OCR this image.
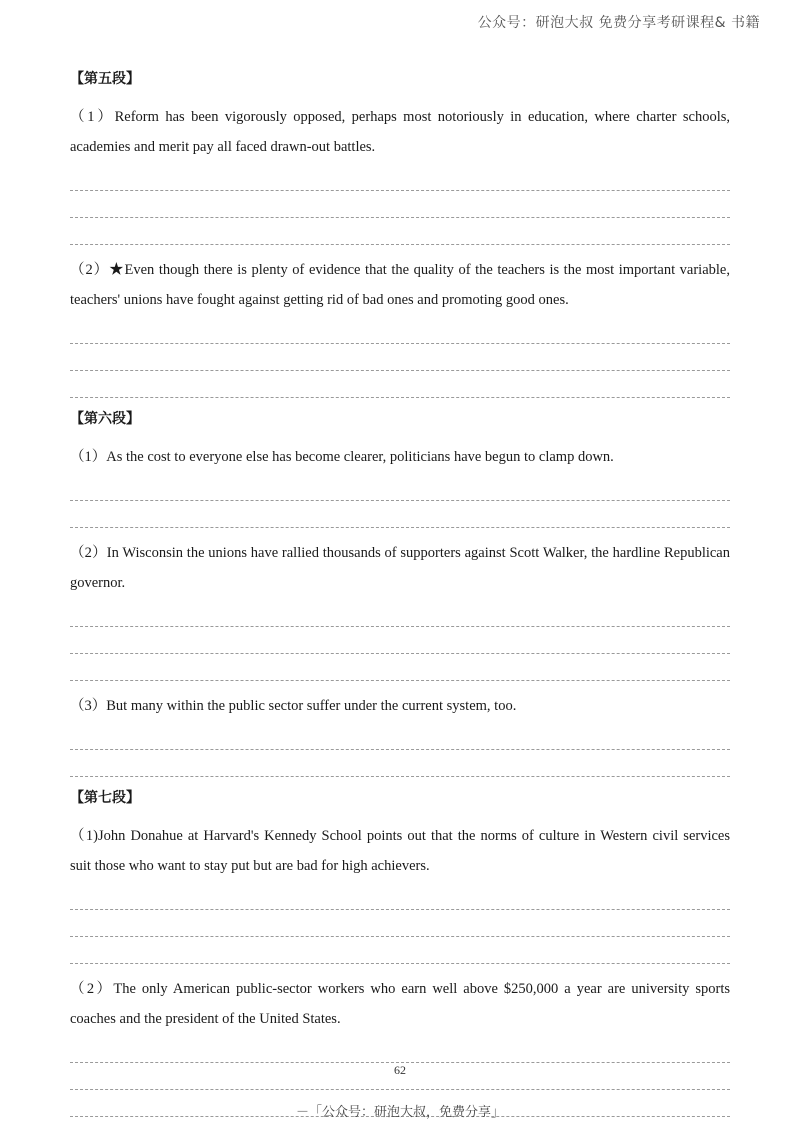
公众号：研泡大叔 免费分享考研课程& 书籍
【第五段】

（1）Reform has been vigorously opposed, perhaps most notoriously in education, where charter schools, academies and merit pay all faced drawn-out battles.

（2）★Even though there is plenty of evidence that the quality of the teachers is the most important variable, teachers' unions have fought against getting rid of bad ones and promoting good ones.

【第六段】

（1）As the cost to everyone else has become clearer, politicians have begun to clamp down.

（2）In Wisconsin the unions have rallied thousands of supporters against Scott Walker, the hardline Republican governor.

（3）But many within the public sector suffer under the current system, too.

【第七段】

（1)John Donahue at Harvard's Kennedy School points out that the norms of culture in Western civil services suit those who want to stay put but are bad for high achievers.

（2）The only American public-sector workers who earn well above $250,000 a year are university sports coaches and the president of the United States.

62
－「公众号：研泡大叔，免费分享」
